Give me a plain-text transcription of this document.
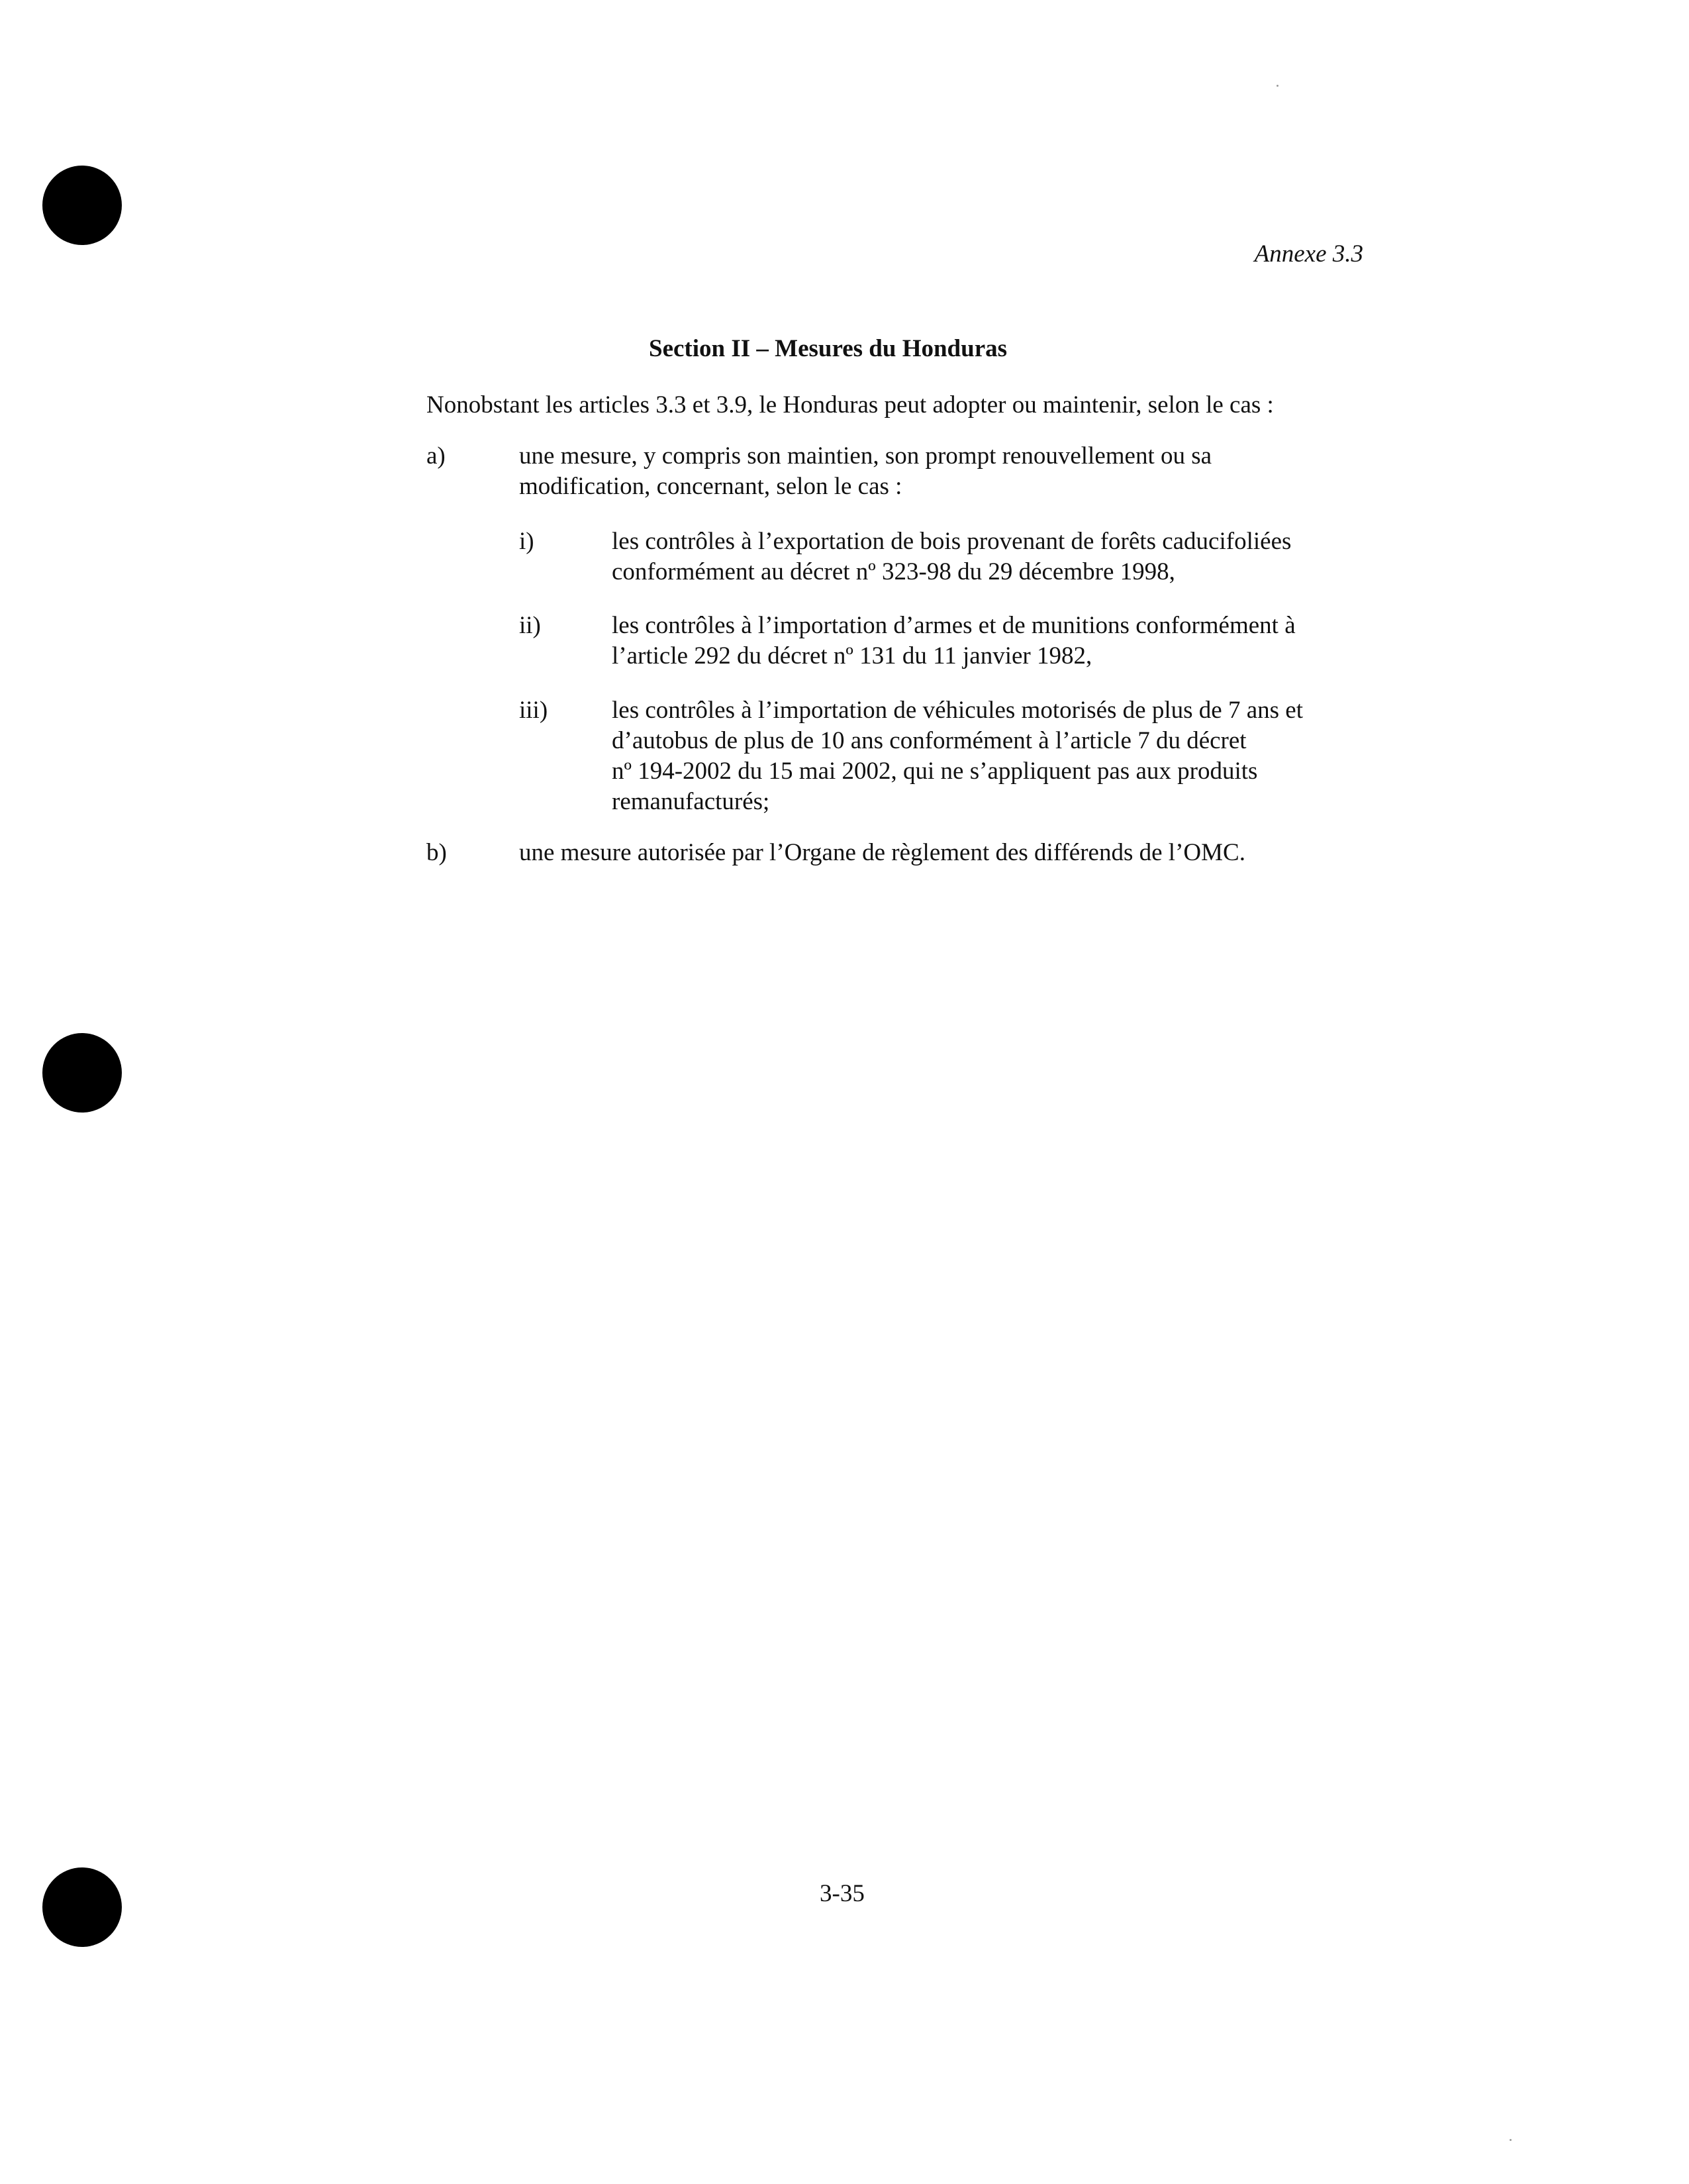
Annexe 3.3

Section II – Mesures du Honduras

Nonobstant les articles 3.3 et 3.9, le Honduras peut adopter ou maintenir, selon le cas :

a)	une mesure, y compris son maintien, son prompt renouvellement ou sa
modification, concernant, selon le cas :
i)	les contrôles à l’exportation de bois provenant de forêts caducifoliées
conformément au décret nº 323-98 du 29 décembre 1998,
ii)	les contrôles à l’importation d’armes et de munitions conformément à
l’article 292 du décret nº 131 du 11 janvier 1982,
iii)	les contrôles à l’importation de véhicules motorisés de plus de 7 ans et
d’autobus de plus de 10 ans conformément à l’article 7 du décret
nº 194-2002 du 15 mai 2002, qui ne s’appliquent pas aux produits
remanufacturés;
b)	une mesure autorisée par l’Organe de règlement des différends de l’OMC.

3-35
